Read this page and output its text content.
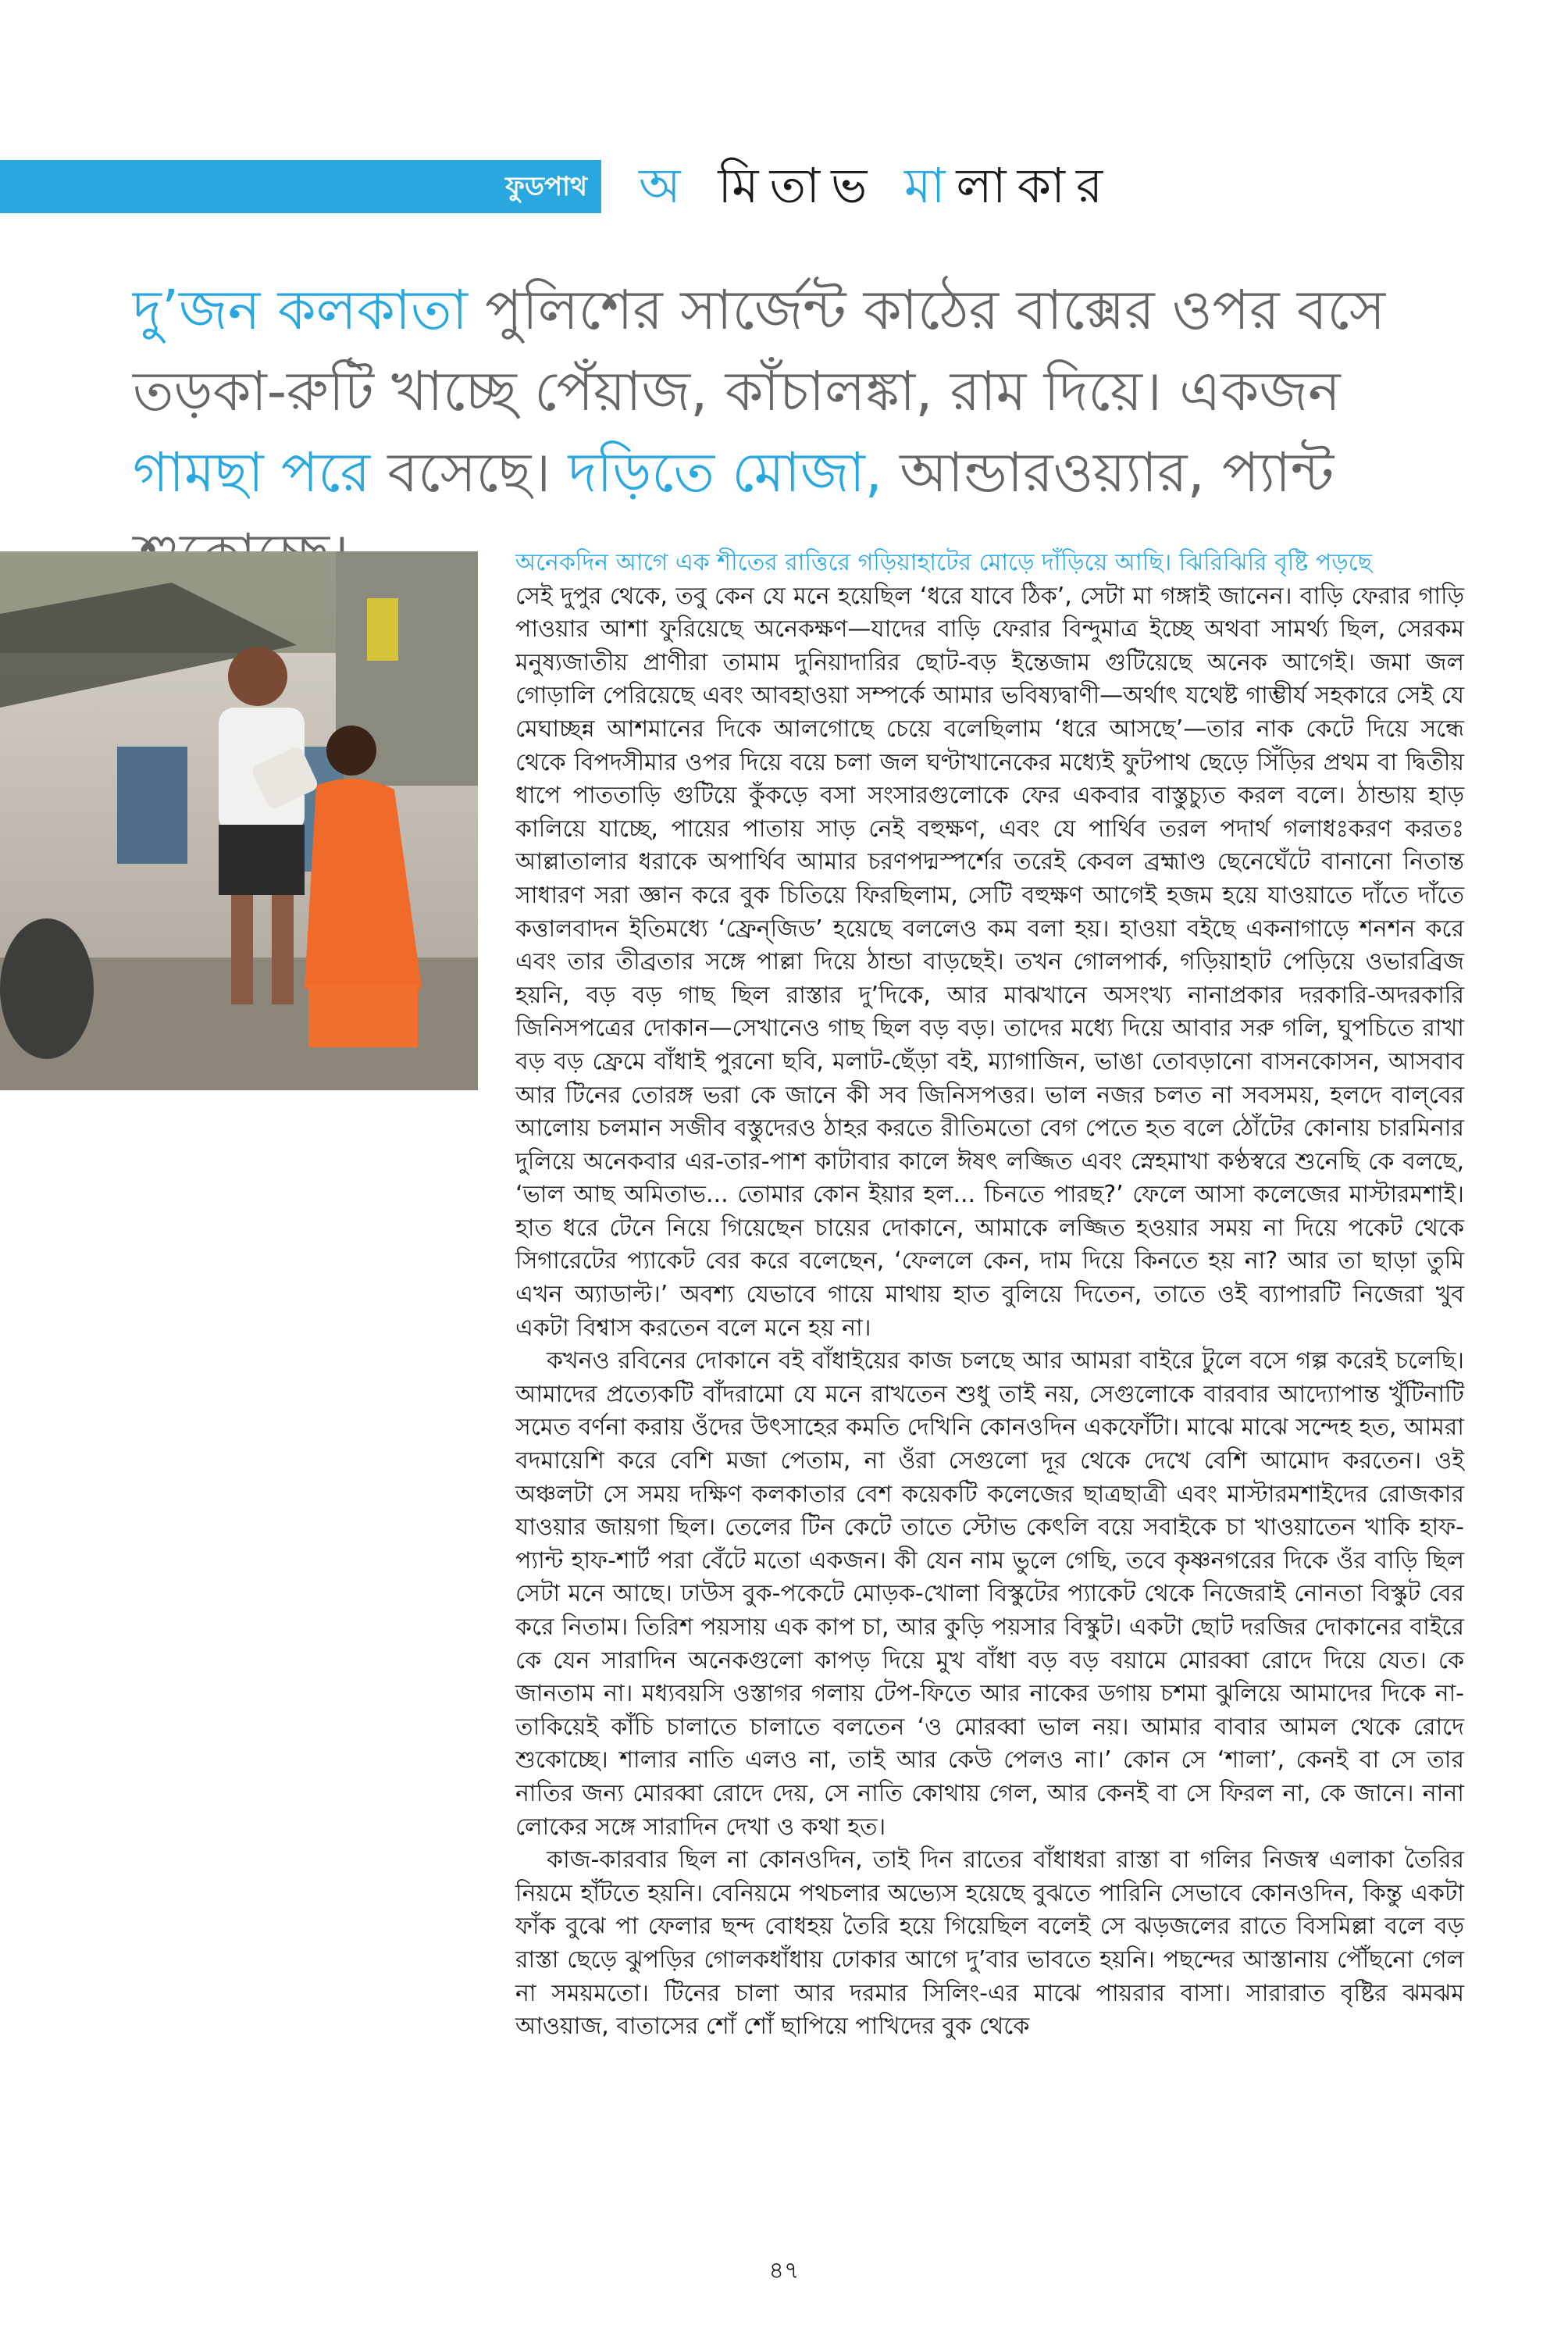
ফুডপাথ অ মিতাভ মালাকার
দু’জন কলকাতা পুলিশের সার্জেন্ট কাঠের বাক্সের ওপর বসে তড়কা-রুটি খাচ্ছে পেঁয়াজ, কাঁচালঙ্কা, রাম দিয়ে। একজন গামছা পরে বসেছে। দড়িতে মোজা, আন্ডারওয়্যার, প্যান্ট

অনেকদিন আগে এক শীতের রাত্তিরে গড়িয়াহাটের মোড়ে দাঁড়িয়ে আছি। ঝিরিঝিরি বৃষ্টি পড়ছে

সেই দুপুর থেকে, তবু কেন যে মনে হয়েছিল ‘ধরে যাবে ঠিক’, সেটা মা গঙ্গাই জানেন। বাড়ি ফেরার গাড়ি পাওয়ার আশা ফুরিয়েছে অনেকক্ষণ—যাদের বাড়ি ফেরার বিন্দুমাত্র ইচ্ছে অথবা সামর্থ্য ছিল, সেরকম মনুষ্যজাতীয় প্রাণীরা তামাম দুনিয়াদারির ছোট-বড় ইন্তেজাম গুটিয়েছে অনেক আগেই। জমা জল গোড়ালি পেরিয়েছে এবং আবহাওয়া সম্পর্কে আমার ভবিষ্যদ্বাণী—অর্থাৎ যথেষ্ট গাম্ভীর্য সহকারে সেই যে মেঘাচ্ছন্ন আশমানের দিকে আলগোছে চেয়ে বলেছিলাম ‘ধরে আসছে’—তার নাক কেটে দিয়ে সন্ধে থেকে বিপদসীমার ওপর দিয়ে বয়ে চলা জল ঘণ্টাখানেকের মধ্যেই ফুটপাথ ছেড়ে সিঁড়ির প্রথম বা দ্বিতীয় ধাপে পাততাড়ি গুটিয়ে কুঁকড়ে বসা সংসারগুলোকে ফের একবার বাস্তুচ্যুত করল বলে। ঠান্ডায় হাড় কালিয়ে যাচ্ছে, পায়ের পাতায় সাড় নেই বহুক্ষণ, এবং যে পার্থিব তরল পদার্থ গলাধঃকরণ করতঃ আল্লাতালার ধরাকে অপার্থিব আমার চরণপদ্মস্পর্শের তরেই কেবল ব্রহ্মাণ্ড ছেনেঘেঁটে বানানো নিতান্ত সাধারণ সরা জ্ঞান করে বুক চিতিয়ে ফিরছিলাম, সেটি বহুক্ষণ আগেই হজম হয়ে যাওয়াতে দাঁতে দাঁতে কত্তালবাদন ইতিমধ্যে ‘ফ্রেন্‌জিড’ হয়েছে বললেও কম বলা হয়। হাওয়া বইছে একনাগাড়ে শনশন করে এবং তার তীব্রতার সঙ্গে পাল্লা দিয়ে ঠান্ডা বাড়ছেই। তখন গোলপার্ক, গড়িয়াহাট পেড়িয়ে ওভারব্রিজ হয়নি, বড় বড় গাছ ছিল রাস্তার দু’দিকে, আর মাঝখানে অসংখ্য নানাপ্রকার দরকারি-অদরকারি জিনিসপত্রের দোকান—সেখানেও গাছ ছিল বড় বড়। তাদের মধ্যে দিয়ে আবার সরু গলি, ঘুপচিতে রাখা বড় বড় ফ্রেমে বাঁধাই পুরনো ছবি, মলাট-ছেঁড়া বই, ম্যাগাজিন, ভাঙা তোবড়ানো বাসনকোসন, আসবাব আর টিনের তোরঙ্গ ভরা কে জানে কী সব জিনিসপত্তর। ভাল নজর চলত না সবসময়, হলদে বাল্‌বের আলোয় চলমান সজীব বস্তুদেরও ঠাহর করতে রীতিমতো বেগ পেতে হত বলে ঠোঁটের কোনায় চারমিনার দুলিয়ে অনেকবার এর-তার-পাশ কাটাবার কালে ঈষৎ লজ্জিত এবং স্নেহমাখা কণ্ঠস্বরে শুনেছি কে বলছে, ‘ভাল আছ অমিতাভ... তোমার কোন ইয়ার হল... চিনতে পারছ?’ ফেলে আসা কলেজের মাস্টারমশাই। হাত ধরে টেনে নিয়ে গিয়েছেন চায়ের দোকানে, আমাকে লজ্জিত হওয়ার সময় না দিয়ে পকেট থেকে সিগারেটের প্যাকেট বের করে বলেছেন, ‘ফেললে কেন, দাম দিয়ে কিনতে হয় না? আর তা ছাড়া তুমি এখন অ্যাডাল্ট।’ অবশ্য যেভাবে গায়ে মাথায় হাত বুলিয়ে দিতেন, তাতে ওই ব্যাপারটি নিজেরা খুব একটা বিশ্বাস করতেন বলে মনে হয় না।

কখনও রবিনের দোকানে বই বাঁধাইয়ের কাজ চলছে আর আমরা বাইরে টুলে বসে গল্প করেই চলেছি। আমাদের প্রত্যেকটি বাঁদরামো যে মনে রাখতেন শুধু তাই নয়, সেগুলোকে বারবার আদ্যোপান্ত খুঁটিনাটি সমেত বর্ণনা করায় ওঁদের উৎসাহের কমতি দেখিনি কোনওদিন একফোঁটা। মাঝে মাঝে সন্দেহ হত, আমরা বদমায়েশি করে বেশি মজা পেতাম, না ওঁরা সেগুলো দূর থেকে দেখে বেশি আমোদ করতেন। ওই অঞ্চলটা সে সময় দক্ষিণ কলকাতার বেশ কয়েকটি কলেজের ছাত্রছাত্রী এবং মাস্টারমশাইদের রোজকার যাওয়ার জায়গা ছিল। তেলের টিন কেটে তাতে স্টোভ কেৎলি বয়ে সবাইকে চা খাওয়াতেন খাকি হাফ-প্যান্ট হাফ-শার্ট পরা বেঁটে মতো একজন। কী যেন নাম ভুলে গেছি, তবে কৃষ্ণনগরের দিকে ওঁর বাড়ি ছিল সেটা মনে আছে। ঢাউস বুক-পকেটে মোড়ক-খোলা বিস্কুটের প্যাকেট থেকে নিজেরাই নোনতা বিস্কুট বের করে নিতাম। তিরিশ পয়সায় এক কাপ চা, আর কুড়ি পয়সার বিস্কুট। একটা ছোট দরজির দোকানের বাইরে কে যেন সারাদিন অনেকগুলো কাপড় দিয়ে মুখ বাঁধা বড় বড় বয়ামে মোরব্বা রোদে দিয়ে যেত। কে জানতাম না। মধ্যবয়সি ওস্তাগর গলায় টেপ-ফিতে আর নাকের ডগায় চশমা ঝুলিয়ে আমাদের দিকে না-তাকিয়েই কাঁচি চালাতে চালাতে বলতেন ‘ও মোরব্বা ভাল নয়। আমার বাবার আমল থেকে রোদে শুকোচ্ছে। শালার নাতি এলও না, তাই আর কেউ পেলও না।’ কোন সে ‘শালা’, কেনই বা সে তার নাতির জন্য মোরব্বা রোদে দেয়, সে নাতি কোথায় গেল, আর কেনই বা সে ফিরল না, কে জানে। নানা লোকের সঙ্গে সারাদিন দেখা ও কথা হত।

কাজ-কারবার ছিল না কোনওদিন, তাই দিন রাতের বাঁধাধরা রাস্তা বা গলির নিজস্ব এলাকা তৈরির নিয়মে হাঁটতে হয়নি। বেনিয়মে পথচলার অভ্যেস হয়েছে বুঝতে পারিনি সেভাবে কোনওদিন, কিন্তু একটা ফাঁক বুঝে পা ফেলার ছন্দ বোধহয় তৈরি হয়ে গিয়েছিল বলেই সে ঝড়জলের রাতে বিসমিল্লা বলে বড় রাস্তা ছেড়ে ঝুপড়ির গোলকধাঁধায় ঢোকার আগে দু’বার ভাবতে হয়নি। পছন্দের আস্তানায় পৌঁছনো গেল না সময়মতো। টিনের চালা আর দরমার সিলিং-এর মাঝে পায়রার বাসা। সারারাত বৃষ্টির ঝমঝম আওয়াজ, বাতাসের শোঁ শোঁ ছাপিয়ে পাখিদের বুক থেকে

৪৭
